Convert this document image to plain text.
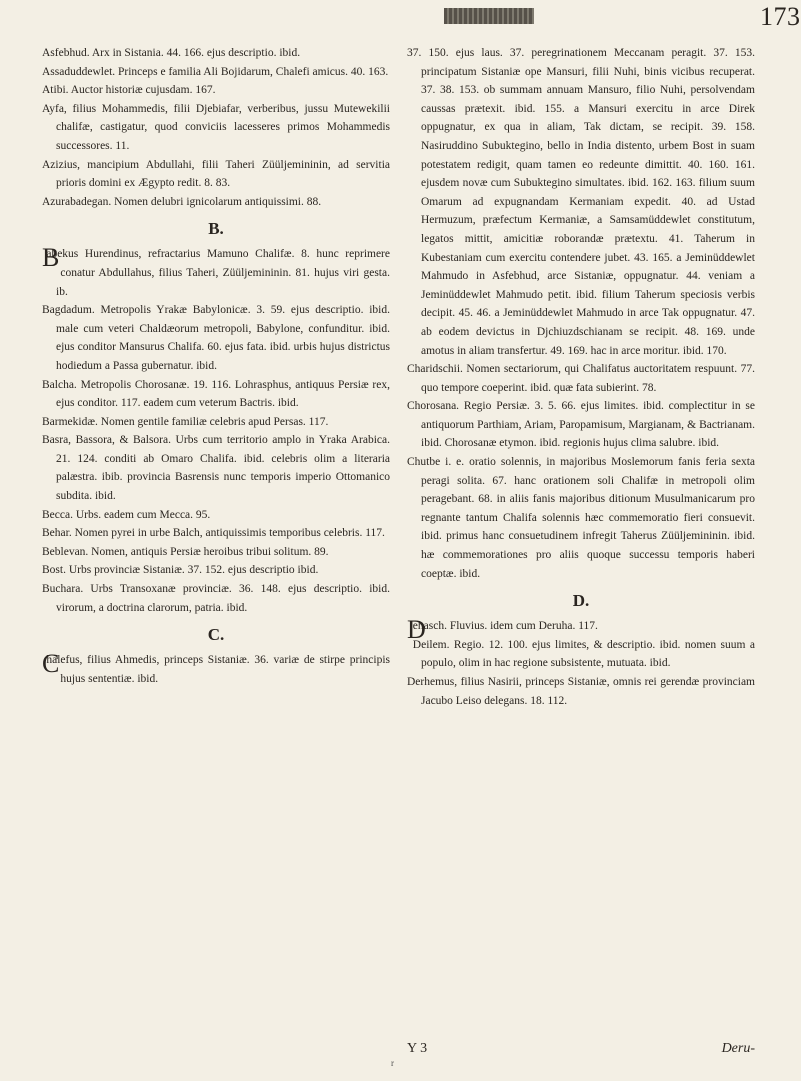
173
Asfebhud. Arx in Sistania. 44. 166. ejus descriptio. ibid.
Assaduddewlet. Princeps e familia Ali Bojidarum, Chalefi amicus. 40. 163.
Atibi. Auctor historiæ cujusdam. 167.
Ayfa, filius Mohammedis, filii Djebiafar, verberibus, jussu Mutewekilii chalifæ, castigatur, quod conviciis lacesseres primos Mohammedis successores. 11.
Azizius, mancipium Abdullahi, filii Taheri Züüljemininin, ad servitia prioris domini ex Ægypto redit. 8. 83.
Azurabadegan. Nomen delubri ignicolarum antiquissimi. 88.
B.
Babekus Hurendinus, refractarius Mamuno Chalifæ. 8. hunc reprimere conatur Abdullahus, filius Taheri, Züüljemininin. 81. hujus viri gesta. ib.
Bagdadum. Metropolis Yrakæ Babylonicæ. 3. 59. ejus descriptio. ibid. male cum veteri Chaldæorum metropoli, Babylone, confunditur. ibid. ejus conditor Mansurus Chalifa. 60. ejus fata. ibid. urbis hujus districtus hodiedum a Passa gubernatur. ibid.
Balcha. Metropolis Chorosanæ. 19. 116. Lohrasphus, antiquus Persiæ rex, ejus conditor. 117. eadem cum veterum Bactris. ibid.
Barmekidæ. Nomen gentile familiæ celebris apud Persas. 117.
Basra, Bassora, & Balsora. Urbs cum territorio amplo in Yraka Arabica. 21. 124. conditi ab Omaro Chalifa. ibid. celebris olim a literaria palæstra. ibib. provincia Basrensis nunc temporis imperio Ottomanico subdita. ibid.
Becca. Urbs. eadem cum Mecca. 95.
Behar. Nomen pyrei in urbe Balch, antiquissimis temporibus celebris. 117.
Beblevan. Nomen, antiquis Persiæ heroibus tribui solitum. 89.
Bost. Urbs provinciæ Sistaniæ. 37. 152. ejus descriptio ibid.
Buchara. Urbs Transoxanæ provinciæ. 36. 148. ejus descriptio. ibid. virorum, a doctrina clarorum, patria. ibid.
C.
Chalefus, filius Ahmedis, princeps Sistaniæ. 36. variæ de stirpe principis hujus sententiæ. ibid.
37. 150. ejus laus. 37. peregrinationem Meccanam peragit. 37. 153. principatum Sistaniæ ope Mansuri, filii Nuhi, binis vicibus recuperat. 37. 38. 153. ob summam annuam Mansuro, filio Nuhi, persolvendam caussas prætexit. ibid. 155. a Mansuri exercitu in arce Direk oppugnatur, ex qua in aliam, Tak dictam, se recipit. 39. 158. Nasiruddino Subuktegino, bello in India distento, urbem Bost in suam potestatem redigit, quam tamen eo redeunte dimittit. 40. 160. 161. ejusdem novæ cum Subuktegino simultates. ibid. 162. 163. filium suum Omarum ad expugnandam Kermaniam expedit. 40. ad Ustad Hermuzum, præfectum Kermaniæ, a Samsamüddewlet constitutum, legatos mittit, amicitiæ roborandæ prætextu. 41. Taherum in Kubestaniam cum exercitu contendere jubet. 43. 165. a Jeminüddewlet Mahmudo in Asfebhud, arce Sistaniæ, oppugnatur. 44. veniam a Jeminüddewlet Mahmudo petit. ibid. filium Taherum speciosis verbis decipit. 45. 46. a Jeminüddewlet Mahmudo in arce Tak oppugnatur. 47. ab eodem devictus in Djchiuzdschianam se recipit. 48. 169. unde amotus in aliam transfertur. 49. 169. hac in arce moritur. ibid. 170.
Charidschii. Nomen sectariorum, qui Chalifatus auctoritatem respuunt. 77. quo tempore coeperint. ibid. quæ fata subierint. 78.
Chorosana. Regio Persiæ. 3. 5. 66. ejus limites. ibid. complectitur in se antiquorum Parthiam, Ariam, Paropamisum, Margianam, & Bactrianam. ibid. Chorosanæ etymon. ibid. regionis hujus clima salubre. ibid.
Chutbe i. e. oratio solennis, in majoribus Moslemorum fanis feria sexta peragi solita. 67. hanc orationem soli Chalifæ in metropoli olim peragebant. 68. in aliis fanis majoribus ditionum Musulmanicarum pro regnante tantum Chalifa solennis hæc commemoratio fieri consuevit. ibid. primus hanc consuetudinem infregit Taherus Züüljemininin. ibid. hæ commemorationes pro aliis quoque successu temporis haberi coeptæ. ibid.
D.
Dehasch. Fluvius. idem cum Deruha. 117.
Deilem. Regio. 12. 100. ejus limites, & descriptio. ibid. nomen suum a populo, olim in hac regione subsistente, mutuata. ibid.
Derhemus, filius Nasirii, princeps Sistaniæ, omnis rei gerendæ provinciam Jacubo Leiso delegans. 18. 112.
Y 3	Deru-
r
